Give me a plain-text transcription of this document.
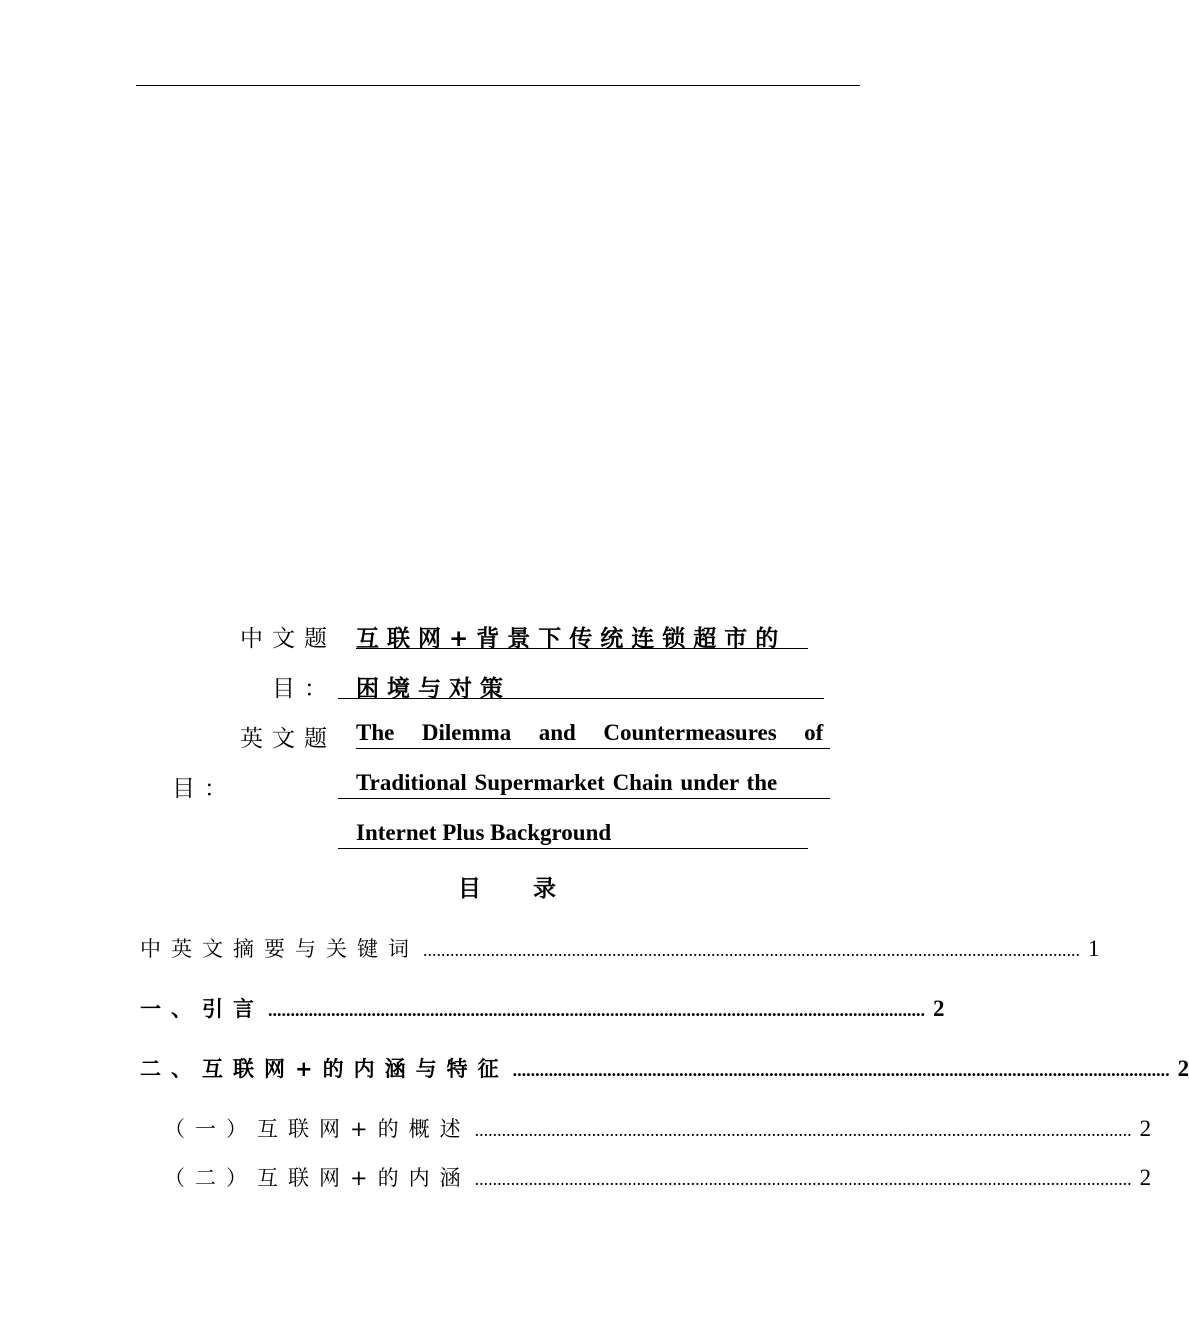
中文题
目：
互联网+背景下传统连锁超市的
困境与对策
英文题
目：
The  Dilemma  and  Countermeasures  of
Traditional Supermarket Chain under the
Internet Plus Background
目 录
中英文摘要与关键词 .................................................................................................................................................. 1
一、引言 .................................................................................................................................................. 2
二、互联网+的内涵与特征 .................................................................................................................................................. 2
（一）互联网+的概述 .................................................................................................................................................. 2
（二）互联网+的内涵 .................................................................................................................................................. 2
